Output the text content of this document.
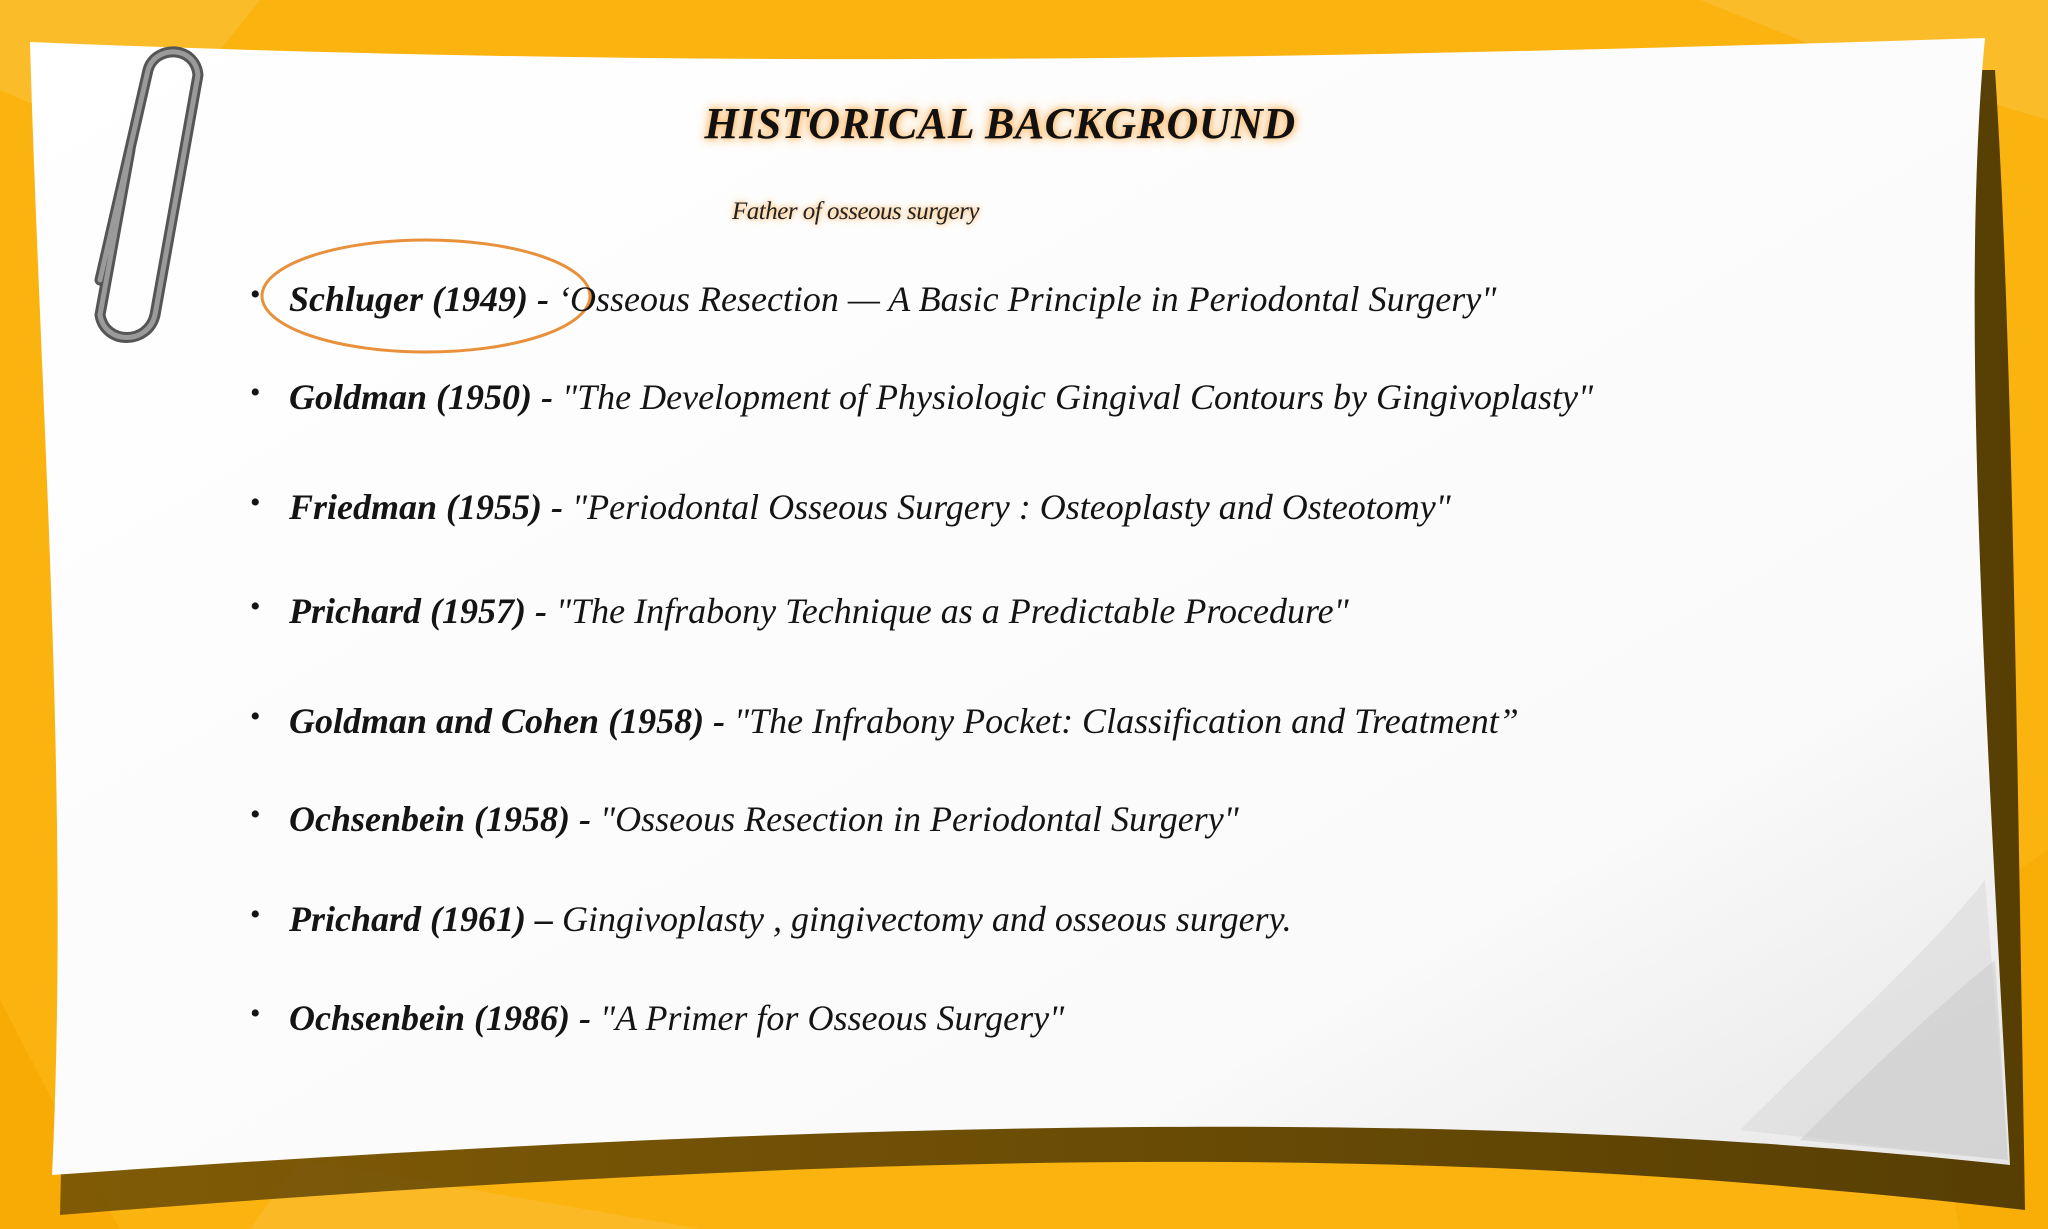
HISTORICAL BACKGROUND
Father of osseous surgery
• Schluger (1949) - ‘Osseous Resection — A Basic Principle in Periodontal Surgery"
• Goldman (1950) - "The Development of Physiologic Gingival Contours by Gingivoplasty"
• Friedman (1955) - "Periodontal Osseous Surgery : Osteoplasty and Osteotomy"
• Prichard (1957) - "The Infrabony Technique as a Predictable Procedure"
• Goldman and Cohen (1958) - "The Infrabony Pocket: Classification and Treatment”
• Ochsenbein (1958) - "Osseous Resection in Periodontal Surgery"
• Prichard (1961) – Gingivoplasty , gingivectomy and osseous surgery.
• Ochsenbein (1986) - "A Primer for Osseous Surgery"
